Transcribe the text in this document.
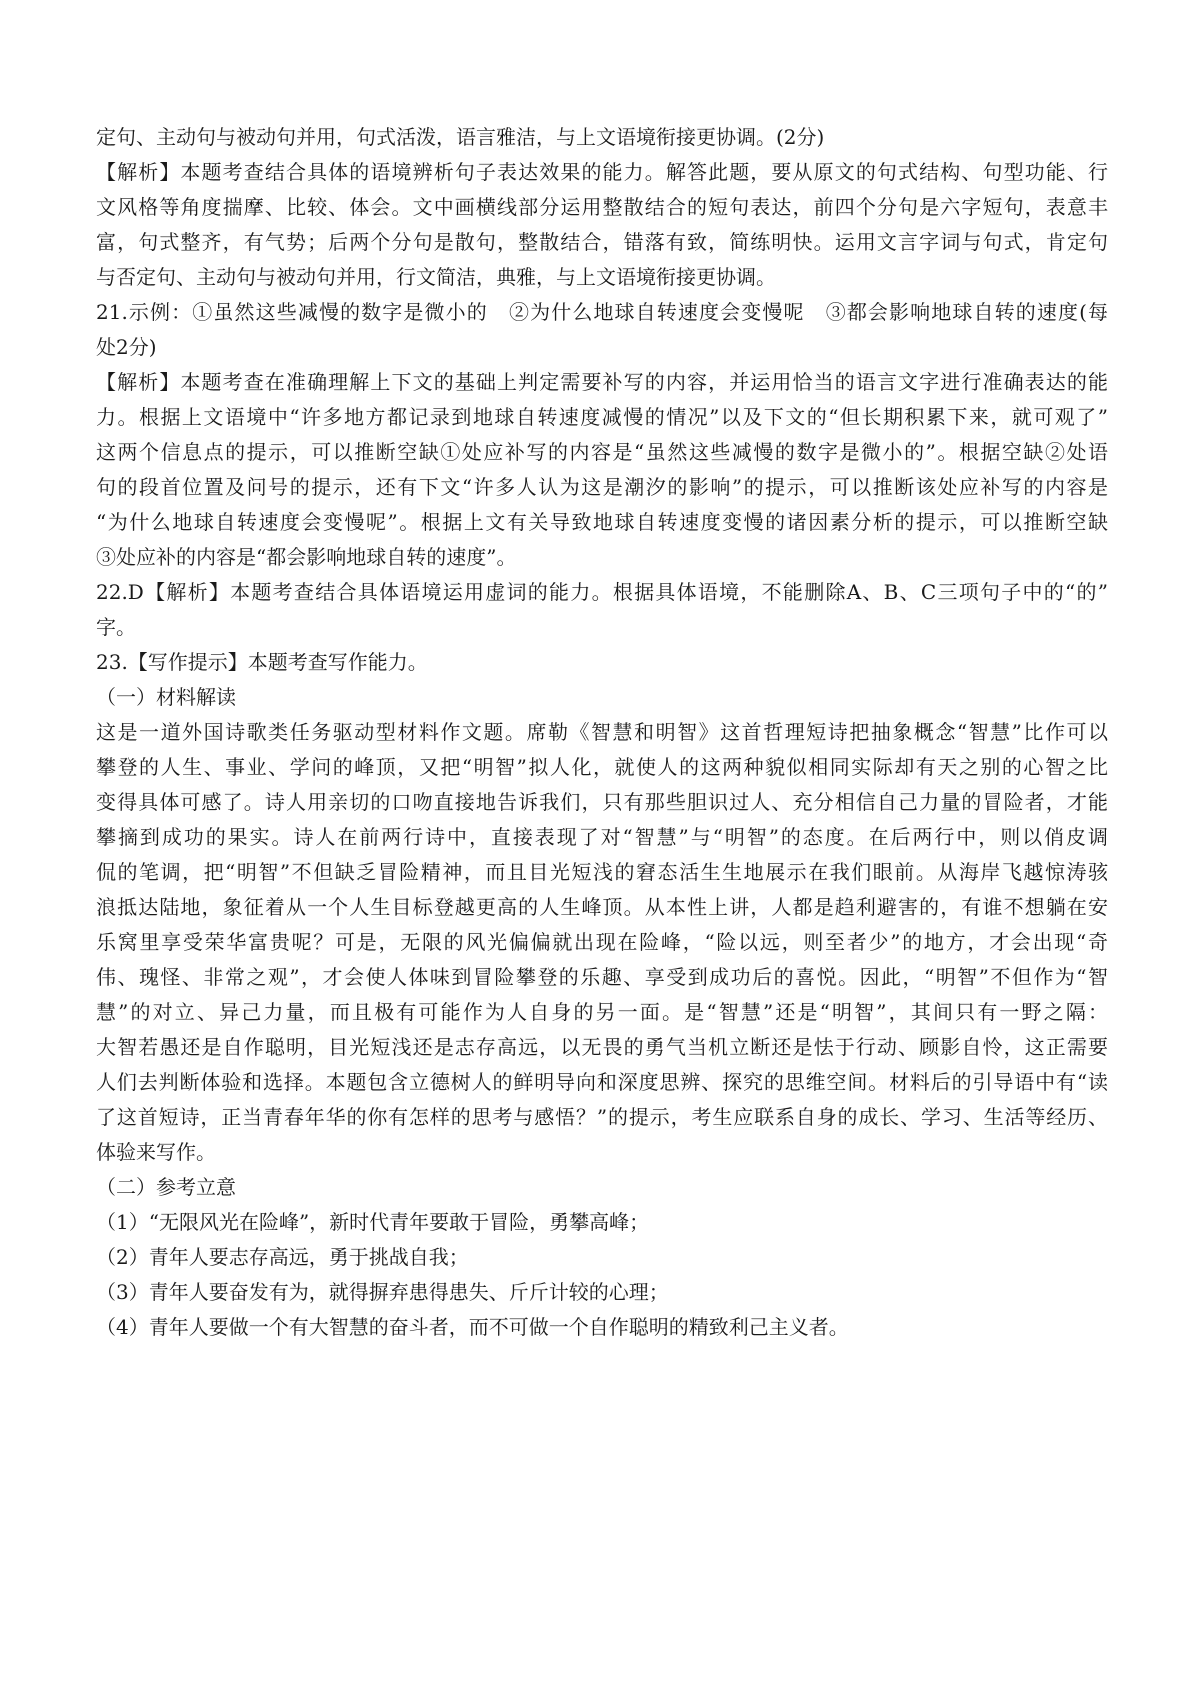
定句、主动句与被动句并用，句式活泼，语言雅洁，与上文语境衔接更协调。(2分)
【解析】本题考查结合具体的语境辨析句子表达效果的能力。解答此题，要从原文的句式结构、句型功能、行
文风格等角度揣摩、比较、体会。文中画横线部分运用整散结合的短句表达，前四个分句是六字短句，表意丰
富，句式整齐，有气势；后两个分句是散句，整散结合，错落有致，简练明快。运用文言字词与句式，肯定句
与否定句、主动句与被动句并用，行文简洁，典雅，与上文语境衔接更协调。
21.示例：①虽然这些减慢的数字是微小的　②为什么地球自转速度会变慢呢　③都会影响地球自转的速度(每
处2分)
【解析】本题考查在准确理解上下文的基础上判定需要补写的内容，并运用恰当的语言文字进行准确表达的能
力。根据上文语境中“许多地方都记录到地球自转速度减慢的情况”以及下文的“但长期积累下来，就可观了”
这两个信息点的提示，可以推断空缺①处应补写的内容是“虽然这些减慢的数字是微小的”。根据空缺②处语
句的段首位置及问号的提示，还有下文“许多人认为这是潮汐的影响”的提示，可以推断该处应补写的内容是
“为什么地球自转速度会变慢呢”。根据上文有关导致地球自转速度变慢的诸因素分析的提示，可以推断空缺
③处应补的内容是“都会影响地球自转的速度”。
22.D【解析】本题考查结合具体语境运用虚词的能力。根据具体语境，不能删除A、B、C三项句子中的“的”
字。
23.【写作提示】本题考查写作能力。
（一）材料解读
这是一道外国诗歌类任务驱动型材料作文题。席勒《智慧和明智》这首哲理短诗把抽象概念“智慧”比作可以
攀登的人生、事业、学问的峰顶，又把“明智”拟人化，就使人的这两种貌似相同实际却有天之别的心智之比
变得具体可感了。诗人用亲切的口吻直接地告诉我们，只有那些胆识过人、充分相信自己力量的冒险者，才能
攀摘到成功的果实。诗人在前两行诗中，直接表现了对“智慧”与“明智”的态度。在后两行中，则以俏皮调
侃的笔调，把“明智”不但缺乏冒险精神，而且目光短浅的窘态活生生地展示在我们眼前。从海岸飞越惊涛骇
浪抵达陆地，象征着从一个人生目标登越更高的人生峰顶。从本性上讲，人都是趋利避害的，有谁不想躺在安
乐窝里享受荣华富贵呢？可是，无限的风光偏偏就出现在险峰，“险以远，则至者少”的地方，才会出现“奇
伟、瑰怪、非常之观”，才会使人体味到冒险攀登的乐趣、享受到成功后的喜悦。因此，“明智”不但作为“智
慧”的对立、异己力量，而且极有可能作为人自身的另一面。是“智慧”还是“明智”，其间只有一野之隔：
大智若愚还是自作聪明，目光短浅还是志存高远，以无畏的勇气当机立断还是怯于行动、顾影自怜，这正需要
人们去判断体验和选择。本题包含立德树人的鲜明导向和深度思辨、探究的思维空间。材料后的引导语中有“读
了这首短诗，正当青春年华的你有怎样的思考与感悟？”的提示，考生应联系自身的成长、学习、生活等经历、
体验来写作。
（二）参考立意
（1）“无限风光在险峰”，新时代青年要敢于冒险，勇攀高峰；
（2）青年人要志存高远，勇于挑战自我；
（3）青年人要奋发有为，就得摒弃患得患失、斤斤计较的心理；
（4）青年人要做一个有大智慧的奋斗者，而不可做一个自作聪明的精致利己主义者。
